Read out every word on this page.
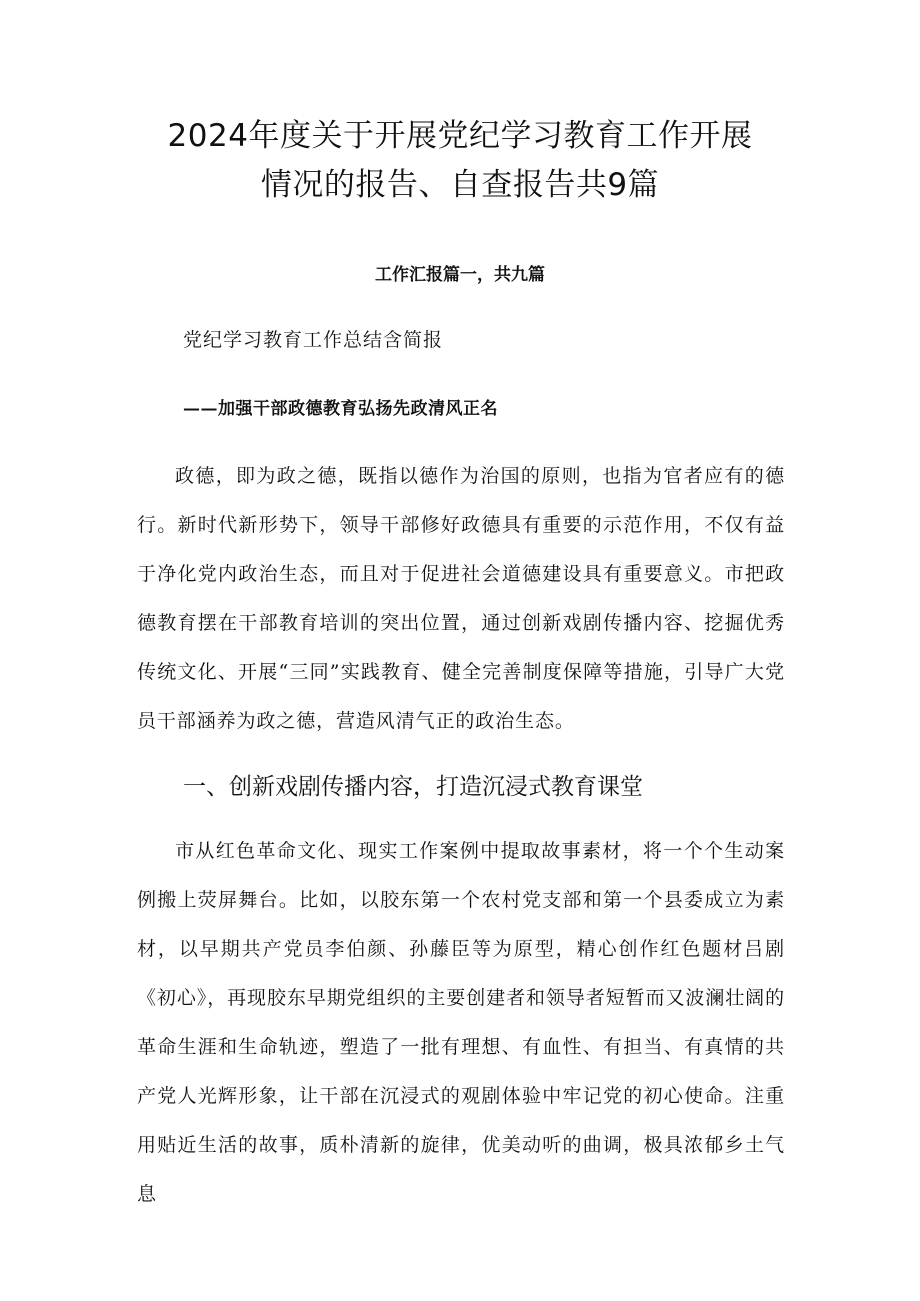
2024年度关于开展党纪学习教育工作开展
情况的报告、自查报告共9篇
工作汇报篇一，共九篇

党纪学习教育工作总结含简报

——加强干部政德教育弘扬先政清风正名

政德，即为政之德，既指以德作为治国的原则，也指为官者应有的德行。新时代新形势下，领导干部修好政德具有重要的示范作用，不仅有益于净化党内政治生态，而且对于促进社会道德建设具有重要意义。市把政德教育摆在干部教育培训的突出位置，通过创新戏剧传播内容、挖掘优秀传统文化、开展“三同”实践教育、健全完善制度保障等措施，引导广大党员干部涵养为政之德，营造风清气正的政治生态。

一、创新戏剧传播内容，打造沉浸式教育课堂

市从红色革命文化、现实工作案例中提取故事素材，将一个个生动案例搬上荧屏舞台。比如，以胶东第一个农村党支部和第一个县委成立为素材，以早期共产党员李伯颜、孙藤臣等为原型，精心创作红色题材吕剧《初心》，再现胶东早期党组织的主要创建者和领导者短暂而又波澜壮阔的革命生涯和生命轨迹，塑造了一批有理想、有血性、有担当、有真情的共产党人光辉形象，让干部在沉浸式的观剧体验中牢记党的初心使命。注重用贴近生活的故事，质朴清新的旋律，优美动听的曲调，极具浓郁乡土气息
